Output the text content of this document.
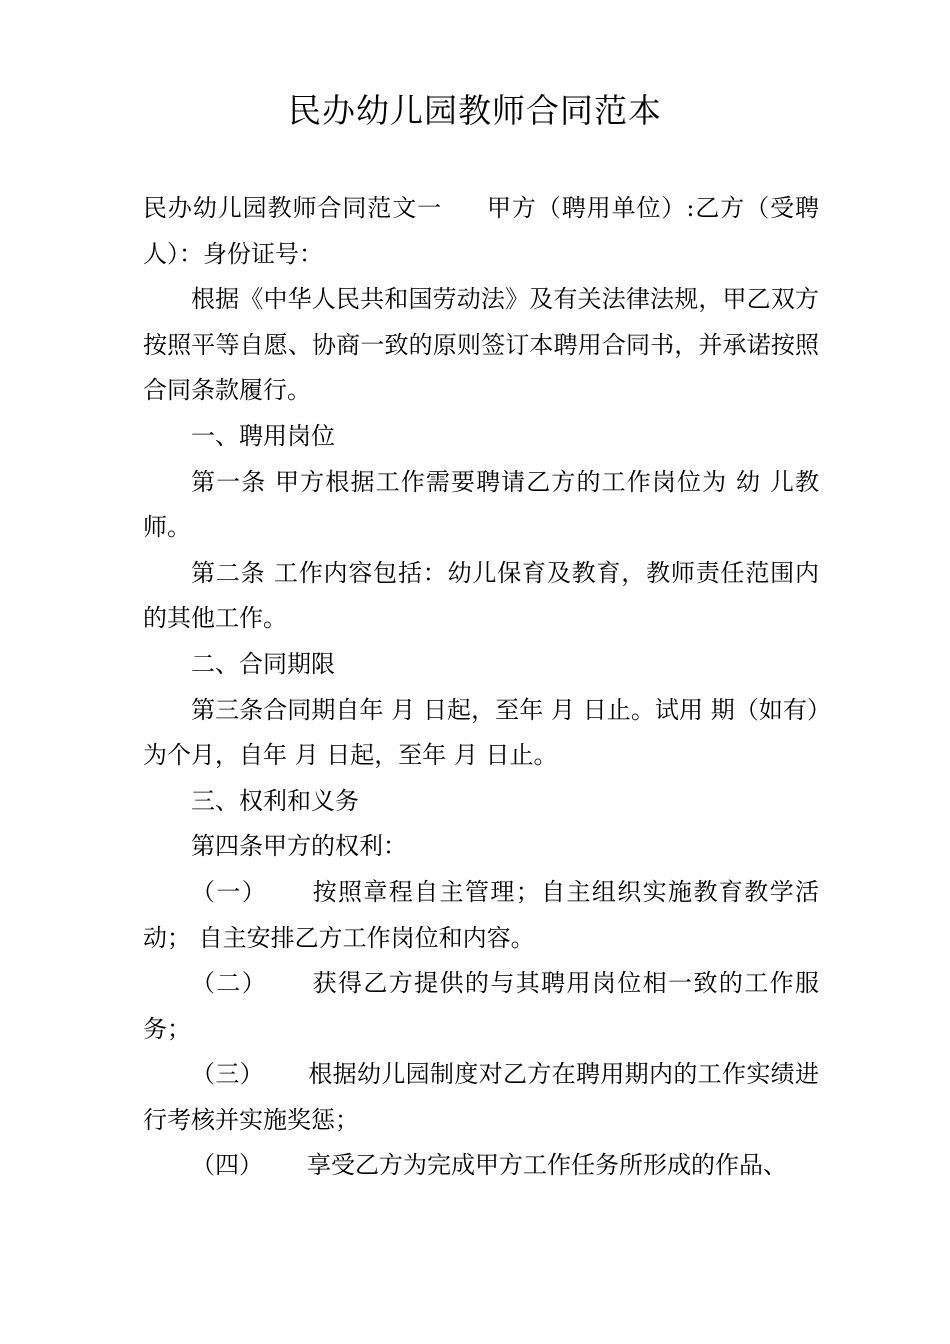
民办幼儿园教师合同范本

民办幼儿园教师合同范文一 甲方（聘用单位）:乙方（受聘人）：身份证号：

根据《中华人民共和国劳动法》及有关法律法规，甲乙双方按照平等自愿、协商一致的原则签订本聘用合同书，并承诺按照合同条款履行。

一、聘用岗位

第一条 甲方根据工作需要聘请乙方的工作岗位为 幼 儿教师。

第二条 工作内容包括：幼儿保育及教育，教师责任范围内的其他工作。

二、合同期限

第三条合同期自年 月 日起，至年 月 日止。试用 期（如有）为个月，自年 月 日起，至年 月 日止。

三、权利和义务

第四条甲方的权利：

（一） 按照章程自主管理；自主组织实施教育教学活动； 自主安排乙方工作岗位和内容。

（二） 获得乙方提供的与其聘用岗位相一致的工作服务；

（三） 根据幼儿园制度对乙方在聘用期内的工作实绩进 行考核并实施奖惩；

（四） 享受乙方为完成甲方工作任务所形成的作品、
